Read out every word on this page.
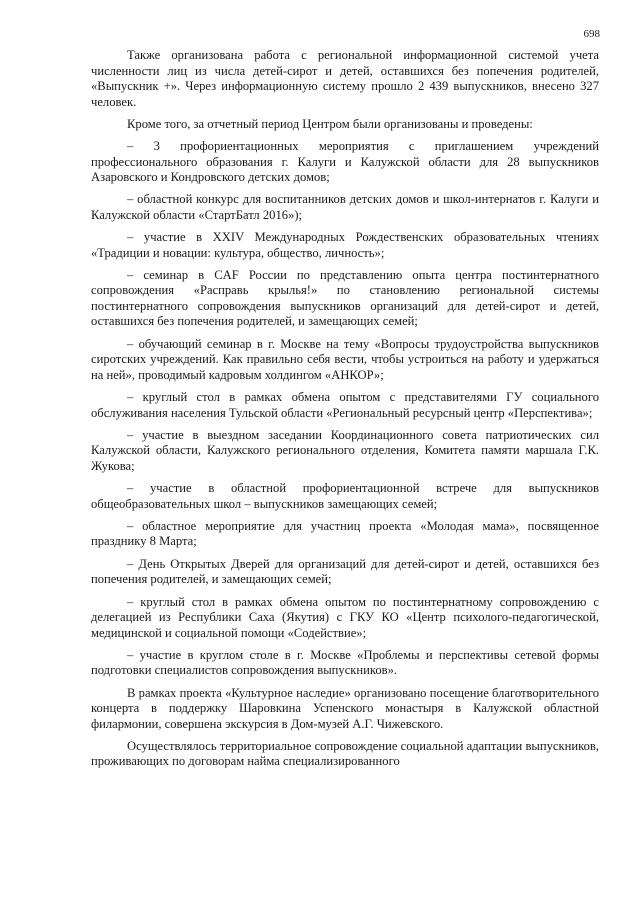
698

Также организована работа с региональной информационной системой учета численности лиц из числа детей-сирот и детей, оставшихся без попечения родителей, «Выпускник +». Через информационную систему прошло 2 439 выпускников, внесено 327 человек.

Кроме того, за отчетный период Центром были организованы и проведены:

– 3 профориентационных мероприятия с приглашением учреждений профессионального образования г. Калуги и Калужской области для 28 выпускников Азаровского и Кондровского детских домов;

– областной конкурс для воспитанников детских домов и школ-интернатов г. Калуги и Калужской области «СтартБатл 2016»);

– участие в XXIV Международных Рождественских образовательных чтениях «Традиции и новации: культура, общество, личность»;

– семинар в CAF России по представлению опыта центра постинтернатного сопровождения «Расправь крылья!» по становлению региональной системы постинтернатного сопровождения выпускников организаций для детей-сирот и детей, оставшихся без попечения родителей, и замещающих семей;

– обучающий семинар в г. Москве на тему «Вопросы трудоустройства выпускников сиротских учреждений. Как правильно себя вести, чтобы устроиться на работу и удержаться на ней», проводимый кадровым холдингом «АНКОР»;

– круглый стол в рамках обмена опытом с представителями ГУ социального обслуживания населения Тульской области «Региональный ресурсный центр «Перспектива»;

– участие в выездном заседании Координационного совета патриотических сил Калужской области, Калужского регионального отделения, Комитета памяти маршала Г.К. Жукова;

– участие в областной профориентационной встрече для выпускников общеобразовательных школ – выпускников замещающих семей;

– областное мероприятие для участниц проекта «Молодая мама», посвященное празднику 8 Марта;

– День Открытых Дверей для организаций для детей-сирот и детей, оставшихся без попечения родителей, и замещающих семей;

– круглый стол в рамках обмена опытом по постинтернатному сопровождению с делегацией из Республики Саха (Якутия) с ГКУ КО «Центр психолого-педагогической, медицинской и социальной помощи «Содействие»;

– участие в круглом столе в г. Москве «Проблемы и перспективы сетевой формы подготовки специалистов сопровождения выпускников».

В рамках проекта «Культурное наследие» организовано посещение благотворительного концерта в поддержку Шаровкина Успенского монастыря в Калужской областной филармонии, совершена экскурсия в Дом-музей А.Г. Чижевского.

Осуществлялось территориальное сопровождение социальной адаптации выпускников, проживающих по договорам найма специализированного
